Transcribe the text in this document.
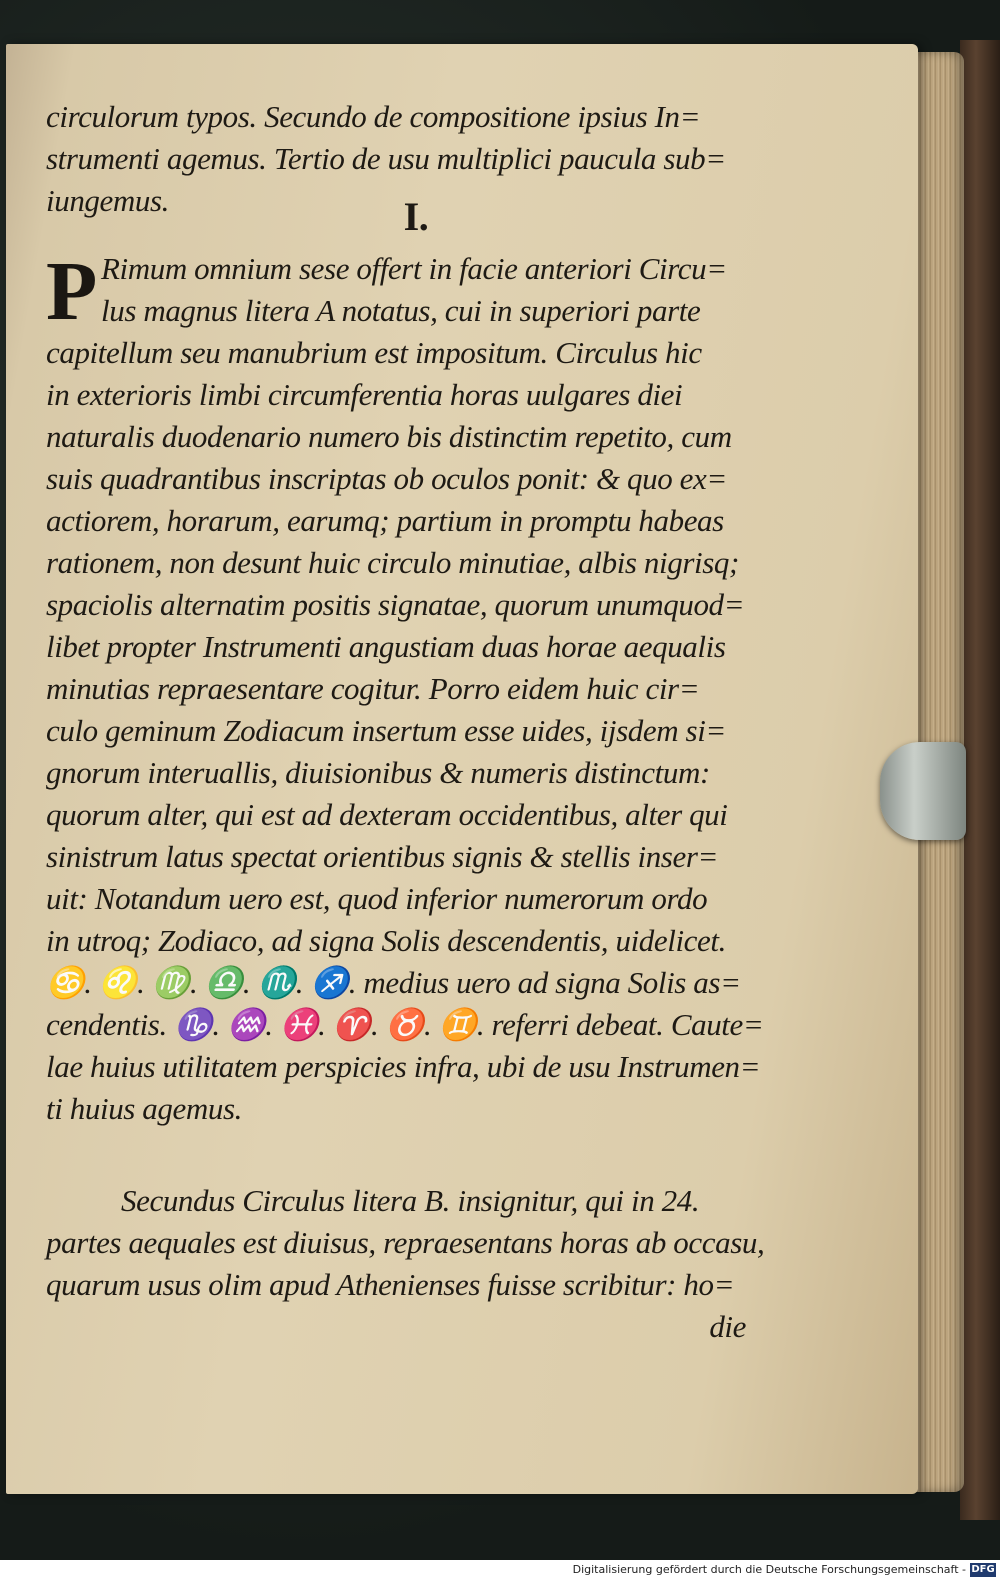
circulorum typos. Secundo de compositione ipsius In=
strumenti agemus. Tertio de usu multiplici paucula sub=
iungemus.	I.
P Rimum omnium sese offert in facie anteriori Circu=
lus magnus litera A notatus, cui in superiori parte
capitellum seu manubrium est impositum. Circulus hic
in exterioris limbi circumferentia horas uulgares diei
naturalis duodenario numero bis distinctim repetito, cum
suis quadrantibus inscriptas ob oculos ponit: & quo ex=
actiorem, horarum, earumq; partium in promptu habeas
rationem, non desunt huic circulo minutiae, albis nigrisq;
spaciolis alternatim positis signatae, quorum unumquod=
libet propter Instrumenti angustiam duas horae aequalis
minutias repraesentare cogitur. Porro eidem huic cir=
culo geminum Zodiacum insertum esse uides, ijsdem si=
gnorum interuallis, diuisionibus & numeris distinctum:
quorum alter, qui est ad dexteram occidentibus, alter qui
sinistrum latus spectat orientibus signis & stellis inser=
uit: Notandum uero est, quod inferior numerorum ordo
in utroq; Zodiaco, ad signa Solis descendentis, uidelicet.
♋. ♌. ♍. ♎. ♏. ♐. medius uero ad signa Solis as=
cendentis. ♑. ♒. ♓. ♈. ♉. ♊. referri debeat. Caute=
lae huius utilitatem perspicies infra, ubi de usu Instrumen=
ti huius agemus.
Secundus Circulus litera B. insignitur, qui in 24.
partes aequales est diuisus, repraesentans horas ab occasu,
quarum usus olim apud Athenienses fuisse scribitur: ho=
die
Digitalisierung gefördert durch die Deutsche Forschungsgemeinschaft - DFG
